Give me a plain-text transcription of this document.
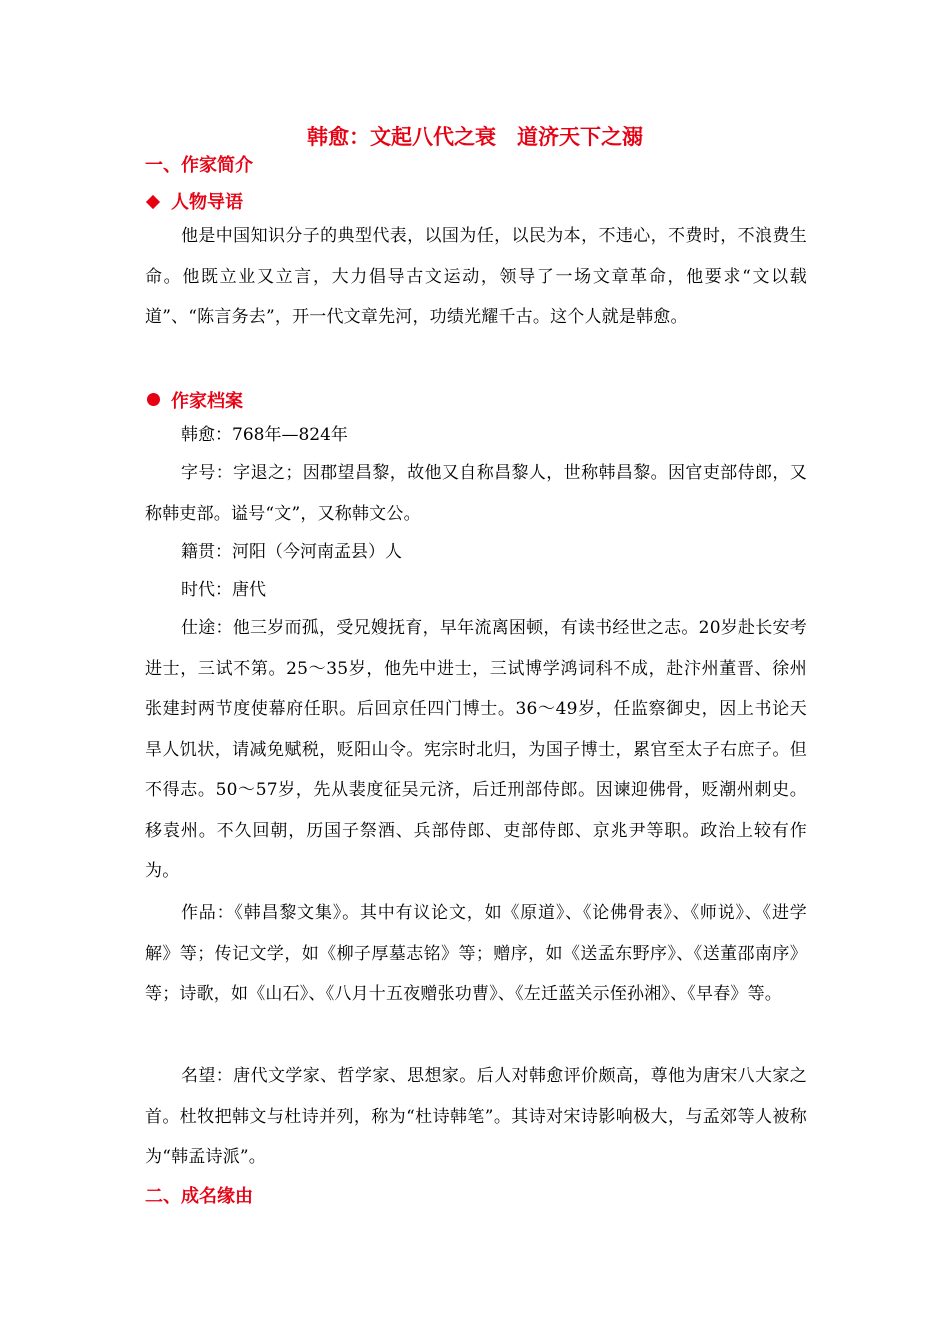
韩愈：文起八代之衰　道济天下之溺
一、作家简介
人物导语
他是中国知识分子的典型代表，以国为任，以民为本，不违心，不费时，不浪费生命。他既立业又立言，大力倡导古文运动，领导了一场文章革命，他要求“文以载道”、“陈言务去”，开一代文章先河，功绩光耀千古。这个人就是韩愈。
作家档案
韩愈：768年—824年
字号：字退之；因郡望昌黎，故他又自称昌黎人，世称韩昌黎。因官吏部侍郎，又称韩吏部。谥号“文”，又称韩文公。
籍贯：河阳（今河南孟县）人
时代：唐代
仕途：他三岁而孤，受兄嫂抚育，早年流离困顿，有读书经世之志。20岁赴长安考进士，三试不第。25～35岁，他先中进士，三试博学鸿词科不成，赴汴州董晋、徐州张建封两节度使幕府任职。后回京任四门博士。36～49岁，任监察御史，因上书论天旱人饥状，请减免赋税，贬阳山令。宪宗时北归，为国子博士，累官至太子右庶子。但不得志。50～57岁，先从裴度征吴元济，后迁刑部侍郎。因谏迎佛骨，贬潮州刺史。移袁州。不久回朝，历国子祭酒、兵部侍郎、吏部侍郎、京兆尹等职。政治上较有作为。
作品：《韩昌黎文集》。其中有议论文，如《原道》、《论佛骨表》、《师说》、《进学解》等；传记文学，如《柳子厚墓志铭》等；赠序，如《送孟东野序》、《送董邵南序》等；诗歌，如《山石》、《八月十五夜赠张功曹》、《左迁蓝关示侄孙湘》、《早春》等。
名望：唐代文学家、哲学家、思想家。后人对韩愈评价颇高，尊他为唐宋八大家之首。杜牧把韩文与杜诗并列，称为“杜诗韩笔”。其诗对宋诗影响极大，与孟郊等人被称为“韩孟诗派”。
二、成名缘由
